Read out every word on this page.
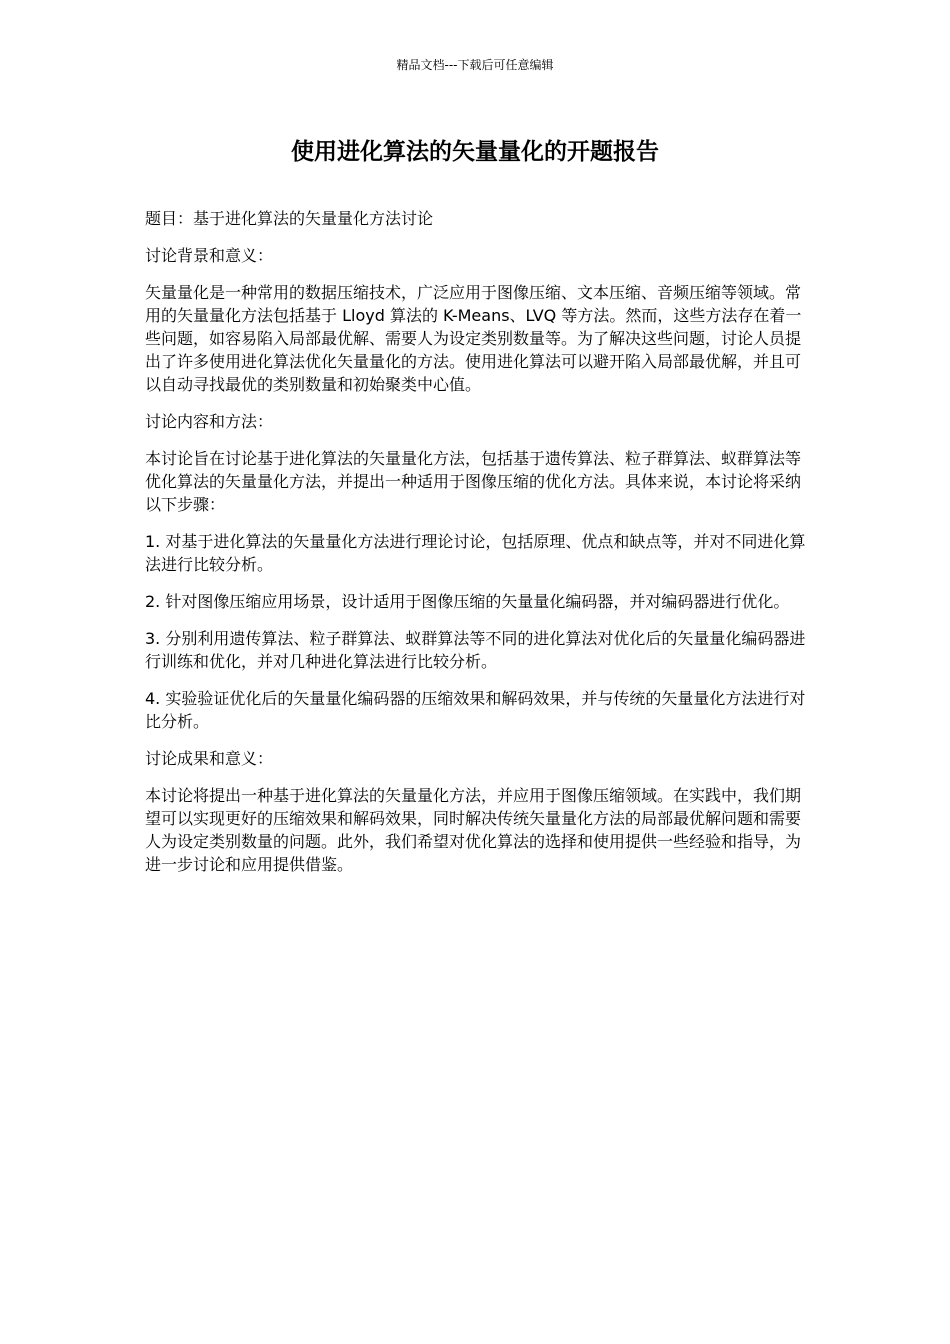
精品文档---下载后可任意编辑
使用进化算法的矢量量化的开题报告

题目：基于进化算法的矢量量化方法讨论

讨论背景和意义：

矢量量化是一种常用的数据压缩技术，广泛应用于图像压缩、文本压缩、音频压缩等领域。常用的矢量量化方法包括基于 Lloyd 算法的 K-Means、LVQ 等方法。然而，这些方法存在着一些问题，如容易陷入局部最优解、需要人为设定类别数量等。为了解决这些问题，讨论人员提出了许多使用进化算法优化矢量量化的方法。使用进化算法可以避开陷入局部最优解，并且可以自动寻找最优的类别数量和初始聚类中心值。

讨论内容和方法：

本讨论旨在讨论基于进化算法的矢量量化方法，包括基于遗传算法、粒子群算法、蚁群算法等优化算法的矢量量化方法，并提出一种适用于图像压缩的优化方法。具体来说，本讨论将采纳以下步骤：

1. 对基于进化算法的矢量量化方法进行理论讨论，包括原理、优点和缺点等，并对不同进化算法进行比较分析。

2. 针对图像压缩应用场景，设计适用于图像压缩的矢量量化编码器，并对编码器进行优化。

3. 分别利用遗传算法、粒子群算法、蚁群算法等不同的进化算法对优化后的矢量量化编码器进行训练和优化，并对几种进化算法进行比较分析。

4. 实验验证优化后的矢量量化编码器的压缩效果和解码效果，并与传统的矢量量化方法进行对比分析。

讨论成果和意义：

本讨论将提出一种基于进化算法的矢量量化方法，并应用于图像压缩领域。在实践中，我们期望可以实现更好的压缩效果和解码效果，同时解决传统矢量量化方法的局部最优解问题和需要人为设定类别数量的问题。此外，我们希望对优化算法的选择和使用提供一些经验和指导，为进一步讨论和应用提供借鉴。
